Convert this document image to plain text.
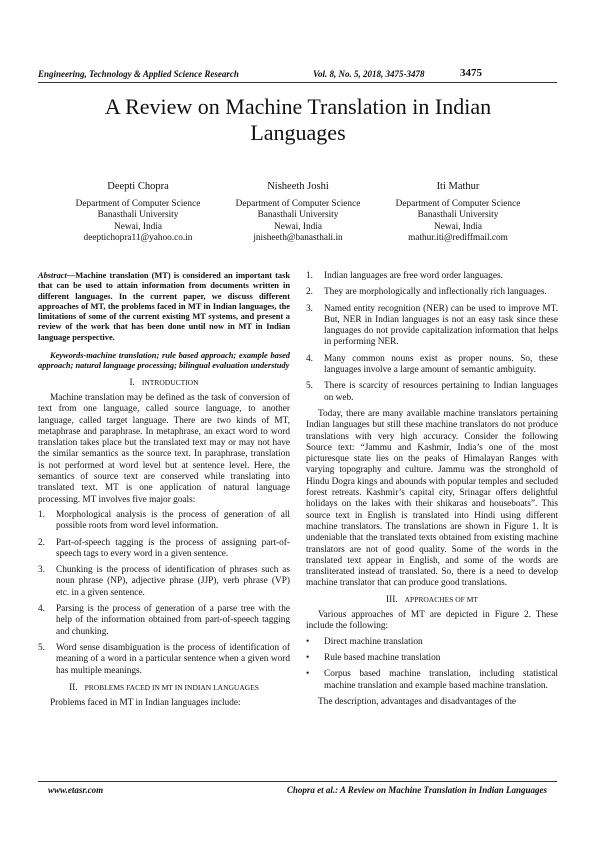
Engineering, Technology & Applied Science Research	Vol. 8, No. 5, 2018, 3475-3478	3475
A Review on Machine Translation in Indian Languages
Deepti Chopra
Department of Computer Science
Banasthali University
Newai, India
deeptichopra11@yahoo.co.in
Nisheeth Joshi
Department of Computer Science
Banasthali University
Newai, India
jnisheeth@banasthali.in
Iti Mathur
Department of Computer Science
Banasthali University
Newai, India
mathur.iti@rediffmail.com
Abstract—Machine translation (MT) is considered an important task that can be used to attain information from documents written in different languages. In the current paper, we discuss different approaches of MT, the problems faced in MT in Indian languages, the limitations of some of the current existing MT systems, and present a review of the work that has been done until now in MT in Indian language perspective.
Keywords-machine translation; rule based approach; example based approach; natural language processing; bilingual evaluation understudy
I. INTRODUCTION

Machine translation may be defined as the task of conversion of text from one language, called source language, to another language, called target language. There are two kinds of MT, metaphrase and paraphrase. In metaphrase, an exact word to word translation takes place but the translated text may or may not have the similar semantics as the source text. In paraphrase, translation is not performed at word level but at sentence level. Here, the semantics of source text are conserved while translating into translated text. MT is one application of natural language processing. MT involves five major goals:

1. Morphological analysis is the process of generation of all possible roots from word level information.
2. Part-of-speech tagging is the process of assigning part-of-speech tags to every word in a given sentence.
3. Chunking is the process of identification of phrases such as noun phrase (NP), adjective phrase (JJP), verb phrase (VP) etc. in a given sentence.
4. Parsing is the process of generation of a parse tree with the help of the information obtained from part-of-speech tagging and chunking.
5. Word sense disambiguation is the process of identification of meaning of a word in a particular sentence when a given word has multiple meanings.
II. PROBLEMS FACED IN MT IN INDIAN LANGUAGES

Problems faced in MT in Indian languages include:

1. Indian languages are free word order languages.
2. They are morphologically and inflectionally rich languages.
3. Named entity recognition (NER) can be used to improve MT. But, NER in Indian languages is not an easy task since these languages do not provide capitalization information that helps in performing NER.
4. Many common nouns exist as proper nouns. So, these languages involve a large amount of semantic ambiguity.
5. There is scarcity of resources pertaining to Indian languages on web.

Today, there are many available machine translators pertaining Indian languages but still these machine translators do not produce translations with very high accuracy. Consider the following Source text: “Jammu and Kashmir, India’s one of the most picturesque state lies on the peaks of Himalayan Ranges with varying topography and culture. Jammu was the stronghold of Hindu Dogra kings and abounds with popular temples and secluded forest retreats. Kashmir’s capital city, Srinagar offers delightful holidays on the lakes with their shikaras and houseboats”. This source text in English is translated into Hindi using different machine translators. The translations are shown in Figure 1. It is undeniable that the translated texts obtained from existing machine translators are not of good quality. Some of the words in the translated text appear in English, and some of the words are transliterated instead of translated. So, there is a need to develop machine translator that can produce good translations.

III. APPROACHES OF MT

Various approaches of MT are depicted in Figure 2. These include the following:

• Direct machine translation
• Rule based machine translation
• Corpus based machine translation, including statistical machine translation and example based machine translation.

The description, advantages and disadvantages of the

www.etasr.com	Chopra et al.: A Review on Machine Translation in Indian Languages
